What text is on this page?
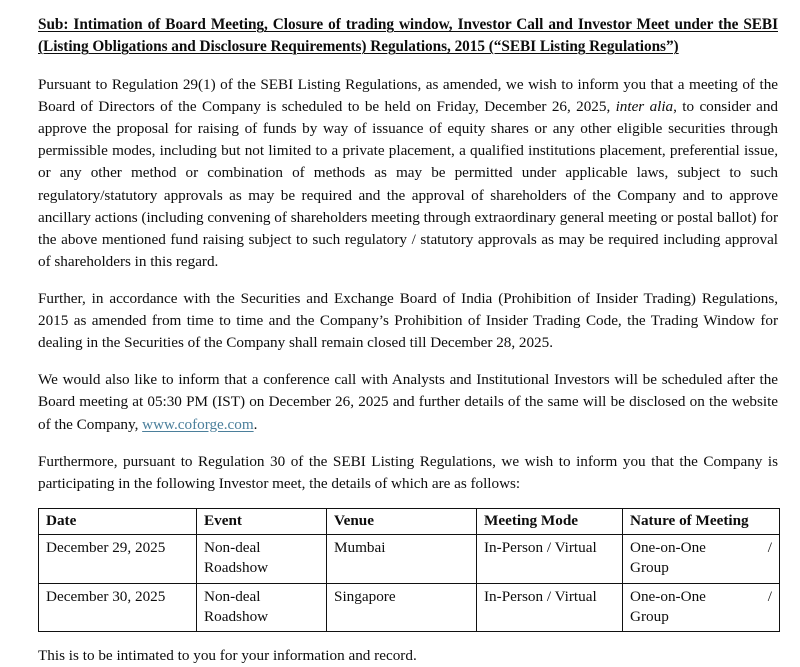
Sub: Intimation of Board Meeting, Closure of trading window, Investor Call and Investor Meet under the SEBI (Listing Obligations and Disclosure Requirements) Regulations, 2015 (“SEBI Listing Regulations”)

Pursuant to Regulation 29(1) of the SEBI Listing Regulations, as amended, we wish to inform you that a meeting of the Board of Directors of the Company is scheduled to be held on Friday, December 26, 2025, inter alia, to consider and approve the proposal for raising of funds by way of issuance of equity shares or any other eligible securities through permissible modes, including but not limited to a private placement, a qualified institutions placement, preferential issue, or any other method or combination of methods as may be permitted under applicable laws, subject to such regulatory/statutory approvals as may be required and the approval of shareholders of the Company and to approve ancillary actions (including convening of shareholders meeting through extraordinary general meeting or postal ballot) for the above mentioned fund raising subject to such regulatory / statutory approvals as may be required including approval of shareholders in this regard.

Further, in accordance with the Securities and Exchange Board of India (Prohibition of Insider Trading) Regulations, 2015 as amended from time to time and the Company’s Prohibition of Insider Trading Code, the Trading Window for dealing in the Securities of the Company shall remain closed till December 28, 2025.

We would also like to inform that a conference call with Analysts and Institutional Investors will be scheduled after the Board meeting at 05:30 PM (IST) on December 26, 2025 and further details of the same will be disclosed on the website of the Company, www.coforge.com.

Furthermore, pursuant to Regulation 30 of the SEBI Listing Regulations, we wish to inform you that the Company is participating in the following Investor meet, the details of which are as follows:

Date	Event	Venue	Meeting Mode	Nature of Meeting
December 29, 2025	Non-deal Roadshow	Mumbai	In-Person / Virtual	One-on-One /
Group

December 30, 2025	Non-deal Roadshow	Singapore	In-Person / Virtual	One-on-One /
Group

This is to be intimated to you for your information and record.
